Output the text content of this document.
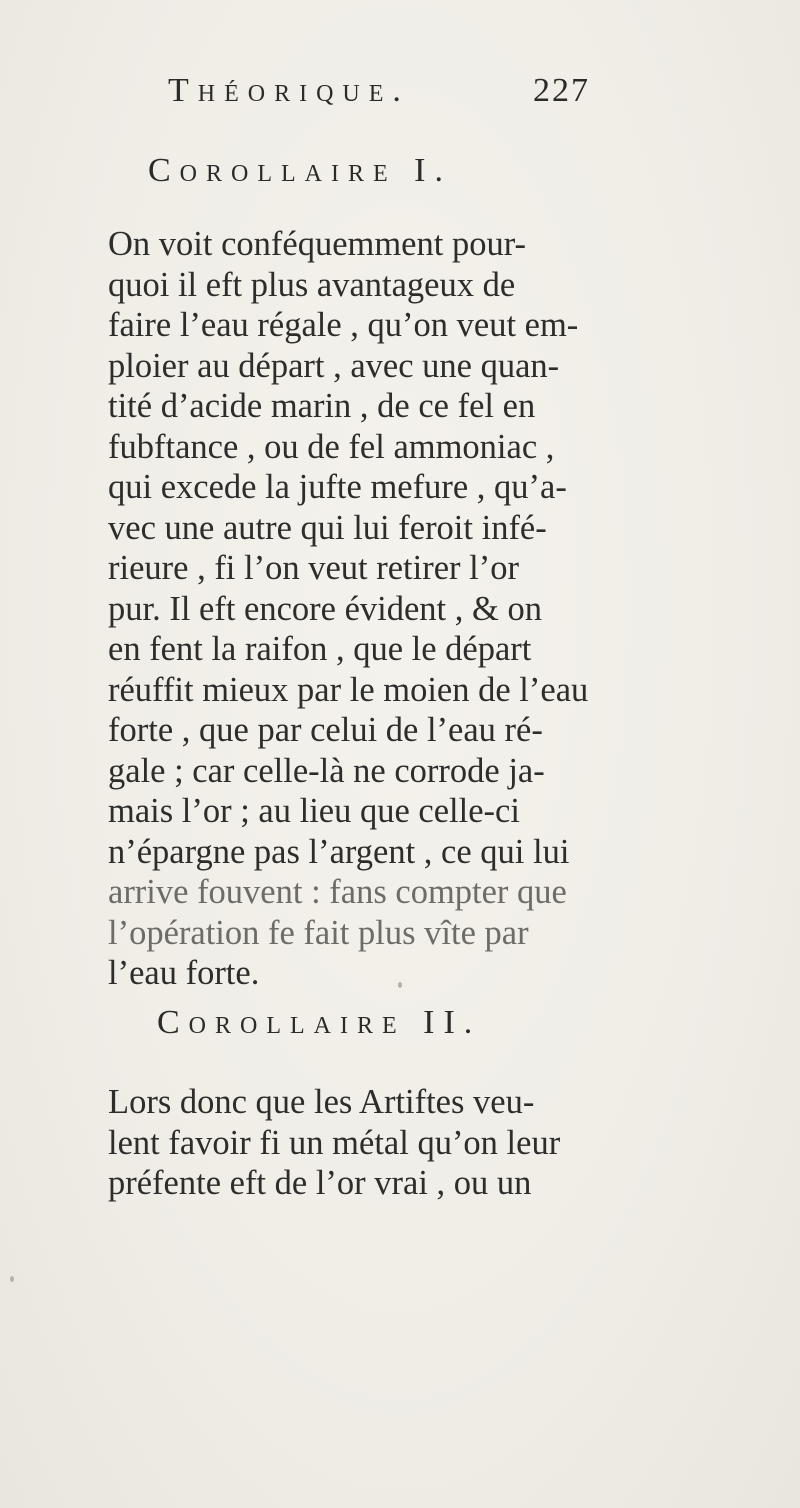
Théorique.	227
Corollaire I.

On voit conféquemment pour-
quoi il eft plus avantageux de
faire l’eau régale , qu’on veut em-
ploier au départ , avec une quan-
tité d’acide marin , de ce fel en
fubftance , ou de fel ammoniac ,
qui excede la jufte mefure , qu’a-
vec une autre qui lui feroit infé-
rieure , fi l’on veut retirer l’or
pur. Il eft encore évident , & on
en fent la raifon , que le départ
réuffit mieux par le moien de l’eau
forte , que par celui de l’eau ré-
gale ; car celle-là ne corrode ja-
mais l’or ; au lieu que celle-ci
n’épargne pas l’argent , ce qui lui
arrive fouvent : fans compter que
l’opération fe fait plus vîte par
l’eau forte.

Corollaire II.

Lors donc que les Artiftes veu-
lent favoir fi un métal qu’on leur
préfente eft de l’or vrai , ou un
